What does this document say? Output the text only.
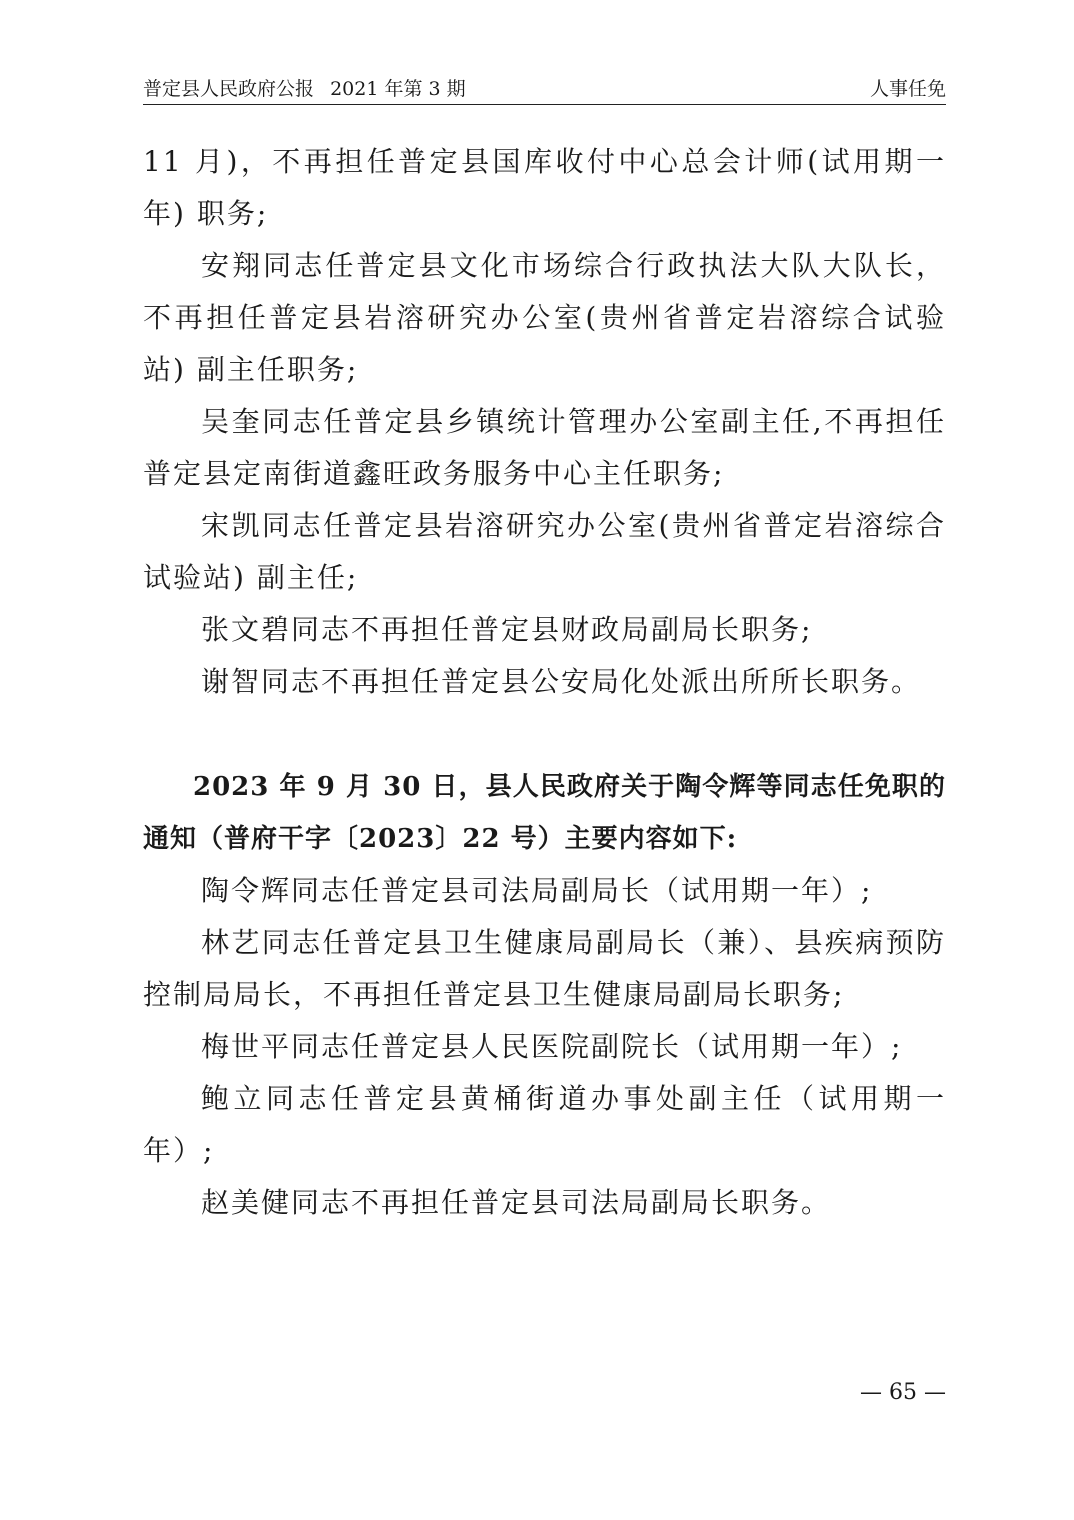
普定县人民政府公报 2021 年第 3 期	人事任免

11 月)，不再担任普定县国库收付中心总会计师(试用期一年) 职务;

安翔同志任普定县文化市场综合行政执法大队大队长，不再担任普定县岩溶研究办公室(贵州省普定岩溶综合试验站) 副主任职务;

吴奎同志任普定县乡镇统计管理办公室副主任,不再担任普定县定南街道鑫旺政务服务中心主任职务;

宋凯同志任普定县岩溶研究办公室(贵州省普定岩溶综合试验站) 副主任;

张文碧同志不再担任普定县财政局副局长职务;

谢智同志不再担任普定县公安局化处派出所所长职务。

2023 年 9 月 30 日，县人民政府关于陶令辉等同志任免职的通知（普府干字〔2023〕22 号）主要内容如下:

陶令辉同志任普定县司法局副局长（试用期一年）;

林艺同志任普定县卫生健康局副局长（兼）、县疾病预防控制局局长，不再担任普定县卫生健康局副局长职务;

梅世平同志任普定县人民医院副院长（试用期一年）;

鲍立同志任普定县黄桶街道办事处副主任（试用期一年）;

赵美健同志不再担任普定县司法局副局长职务。

— 65 —
